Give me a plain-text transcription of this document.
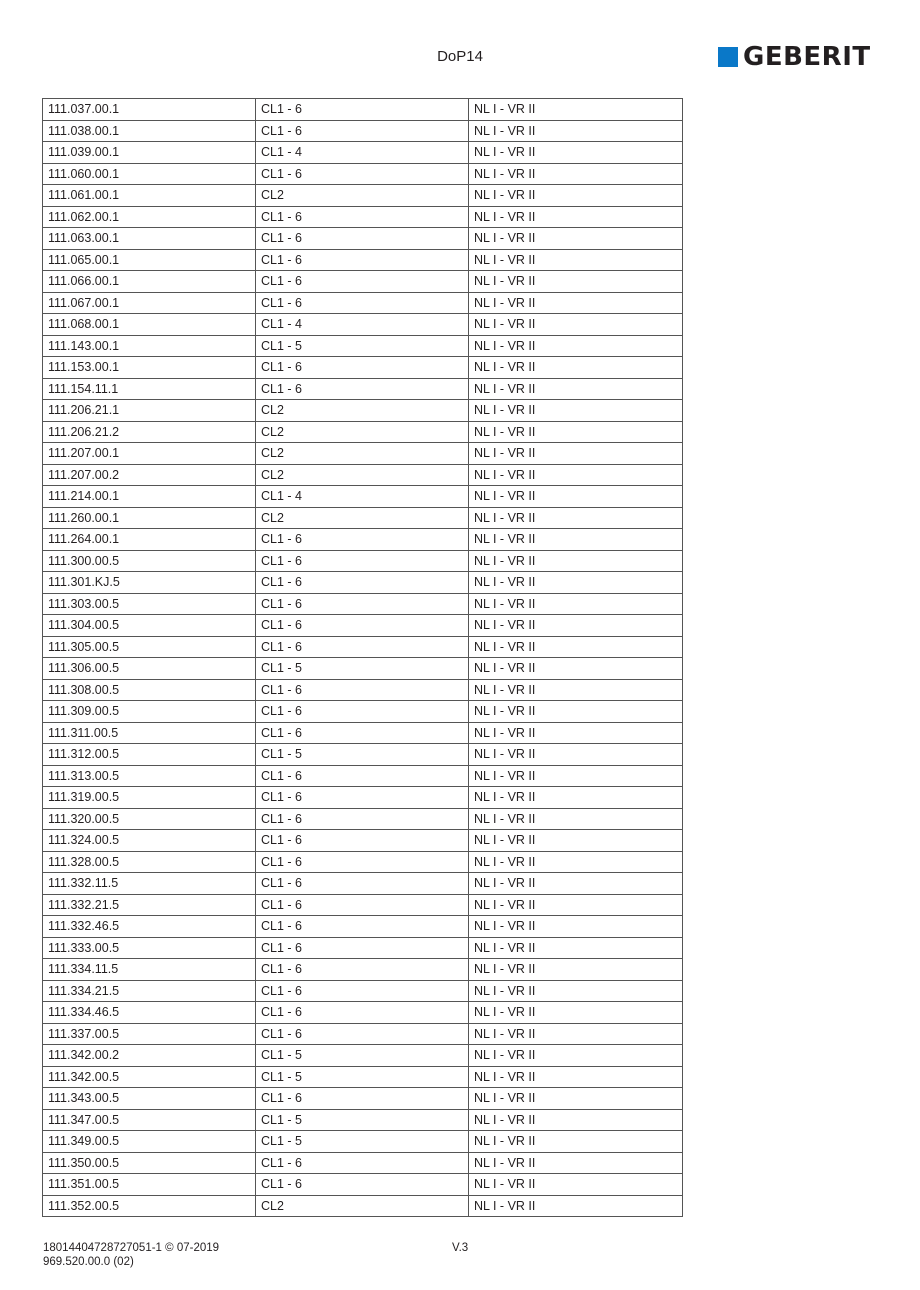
DoP14	GEBERIT
111.037.00.1	CL1 - 6	NL I - VR II
111.038.00.1	CL1 - 6	NL I - VR II
111.039.00.1	CL1 - 4	NL I - VR II
111.060.00.1	CL1 - 6	NL I - VR II
111.061.00.1	CL2	NL I - VR II
111.062.00.1	CL1 - 6	NL I - VR II
111.063.00.1	CL1 - 6	NL I - VR II
111.065.00.1	CL1 - 6	NL I - VR II
111.066.00.1	CL1 - 6	NL I - VR II
111.067.00.1	CL1 - 6	NL I - VR II
111.068.00.1	CL1 - 4	NL I - VR II
111.143.00.1	CL1 - 5	NL I - VR II
111.153.00.1	CL1 - 6	NL I - VR II
111.154.11.1	CL1 - 6	NL I - VR II
111.206.21.1	CL2	NL I - VR II
111.206.21.2	CL2	NL I - VR II
111.207.00.1	CL2	NL I - VR II
111.207.00.2	CL2	NL I - VR II
111.214.00.1	CL1 - 4	NL I - VR II
111.260.00.1	CL2	NL I - VR II
111.264.00.1	CL1 - 6	NL I - VR II
111.300.00.5	CL1 - 6	NL I - VR II
111.301.KJ.5	CL1 - 6	NL I - VR II
111.303.00.5	CL1 - 6	NL I - VR II
111.304.00.5	CL1 - 6	NL I - VR II
111.305.00.5	CL1 - 6	NL I - VR II
111.306.00.5	CL1 - 5	NL I - VR II
111.308.00.5	CL1 - 6	NL I - VR II
111.309.00.5	CL1 - 6	NL I - VR II
111.311.00.5	CL1 - 6	NL I - VR II
111.312.00.5	CL1 - 5	NL I - VR II
111.313.00.5	CL1 - 6	NL I - VR II
111.319.00.5	CL1 - 6	NL I - VR II
111.320.00.5	CL1 - 6	NL I - VR II
111.324.00.5	CL1 - 6	NL I - VR II
111.328.00.5	CL1 - 6	NL I - VR II
111.332.11.5	CL1 - 6	NL I - VR II
111.332.21.5	CL1 - 6	NL I - VR II
111.332.46.5	CL1 - 6	NL I - VR II
111.333.00.5	CL1 - 6	NL I - VR II
111.334.11.5	CL1 - 6	NL I - VR II
111.334.21.5	CL1 - 6	NL I - VR II
111.334.46.5	CL1 - 6	NL I - VR II
111.337.00.5	CL1 - 6	NL I - VR II
111.342.00.2	CL1 - 5	NL I - VR II
111.342.00.5	CL1 - 5	NL I - VR II
111.343.00.5	CL1 - 6	NL I - VR II
111.347.00.5	CL1 - 5	NL I - VR II
111.349.00.5	CL1 - 5	NL I - VR II
111.350.00.5	CL1 - 6	NL I - VR II
111.351.00.5	CL1 - 6	NL I - VR II
111.352.00.5	CL2	NL I - VR II
18014404728727051-1 © 07-2019
969.520.00.0 (02)
V.3
